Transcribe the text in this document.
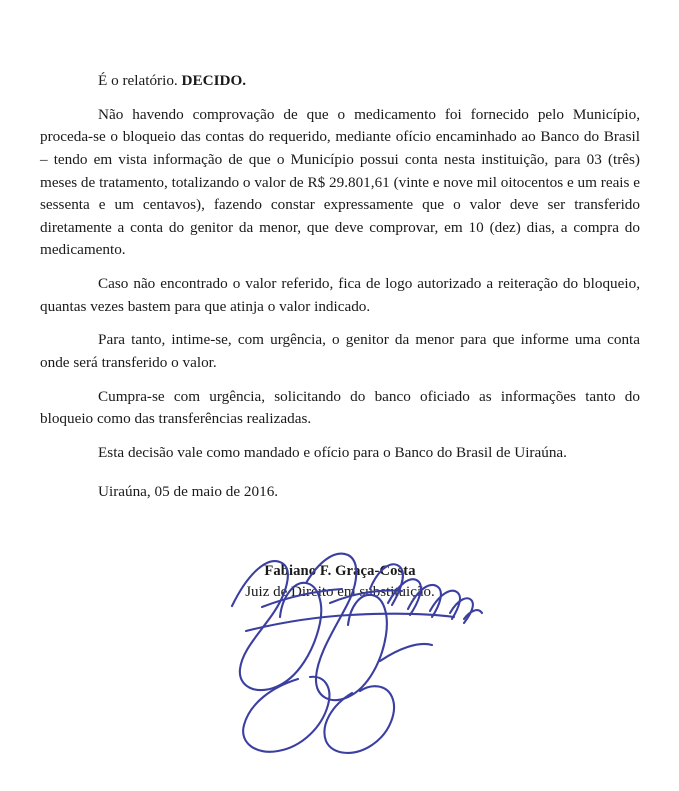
É o relatório. DECIDO.

Não havendo comprovação de que o medicamento foi fornecido pelo Município, proceda-se o bloqueio das contas do requerido, mediante ofício encaminhado ao Banco do Brasil – tendo em vista informação de que o Município possui conta nesta instituição, para 03 (três) meses de tratamento, totalizando o valor de R$ 29.801,61 (vinte e nove mil oitocentos e um reais e sessenta e um centavos), fazendo constar expressamente que o valor deve ser transferido diretamente a conta do genitor da menor, que deve comprovar, em 10 (dez) dias, a compra do medicamento.

Caso não encontrado o valor referido, fica de logo autorizado a reiteração do bloqueio, quantas vezes bastem para que atinja o valor indicado.

Para tanto, intime-se, com urgência, o genitor da menor para que informe uma conta onde será transferido o valor.

Cumpra-se com urgência, solicitando do banco oficiado as informações tanto do bloqueio como das transferências realizadas.

Esta decisão vale como mandado e ofício para o Banco do Brasil de Uiraúna.

Uiraúna, 05 de maio de 2016.

Fabiano F. Graça‐Costa

Juiz de Direito em substituição.
